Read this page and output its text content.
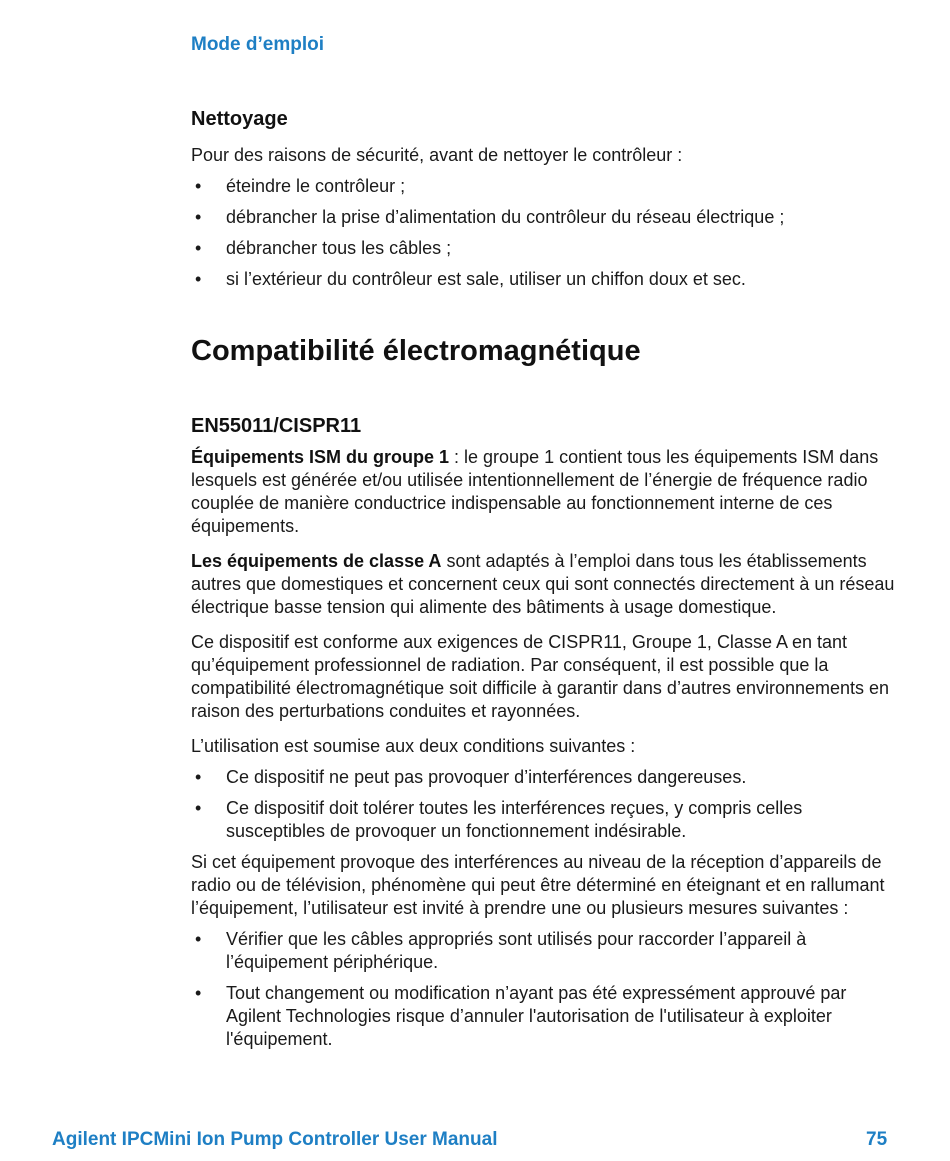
Mode d’emploi
Nettoyage

Pour des raisons de sécurité, avant de nettoyer le contrôleur :

• éteindre le contrôleur ;
• débrancher la prise d’alimentation du contrôleur du réseau électrique ;
• débrancher tous les câbles ;
• si l’extérieur du contrôleur est sale, utiliser un chiffon doux et sec.
Compatibilité électromagnétique
EN55011/CISPR11

Équipements ISM du groupe 1 : le groupe 1 contient tous les équipements ISM dans lesquels est générée et/ou utilisée intentionnellement de l’énergie de fréquence radio couplée de manière conductrice indispensable au fonctionnement interne de ces équipements.

Les équipements de classe A sont adaptés à l’emploi dans tous les établissements autres que domestiques et concernent ceux qui sont connectés directement à un réseau électrique basse tension qui alimente des bâtiments à usage domestique.

Ce dispositif est conforme aux exigences de CISPR11, Groupe 1, Classe A en tant qu’équipement professionnel de radiation. Par conséquent, il est possible que la compatibilité électromagnétique soit difficile à garantir dans d’autres environnements en raison des perturbations conduites et rayonnées.

L’utilisation est soumise aux deux conditions suivantes :

• Ce dispositif ne peut pas provoquer d’interférences dangereuses.
• Ce dispositif doit tolérer toutes les interférences reçues, y compris celles susceptibles de provoquer un fonctionnement indésirable.

Si cet équipement provoque des interférences au niveau de la réception d’appareils de radio ou de télévision, phénomène qui peut être déterminé en éteignant et en rallumant l’équipement, l’utilisateur est invité à prendre une ou plusieurs mesures suivantes :

• Vérifier que les câbles appropriés sont utilisés pour raccorder l’appareil à l’équipement périphérique.
• Tout changement ou modification n’ayant pas été expressément approuvé par Agilent Technologies risque d’annuler l'autorisation de l'utilisateur à exploiter l'équipement.
Agilent IPCMini Ion Pump Controller User Manual	75
